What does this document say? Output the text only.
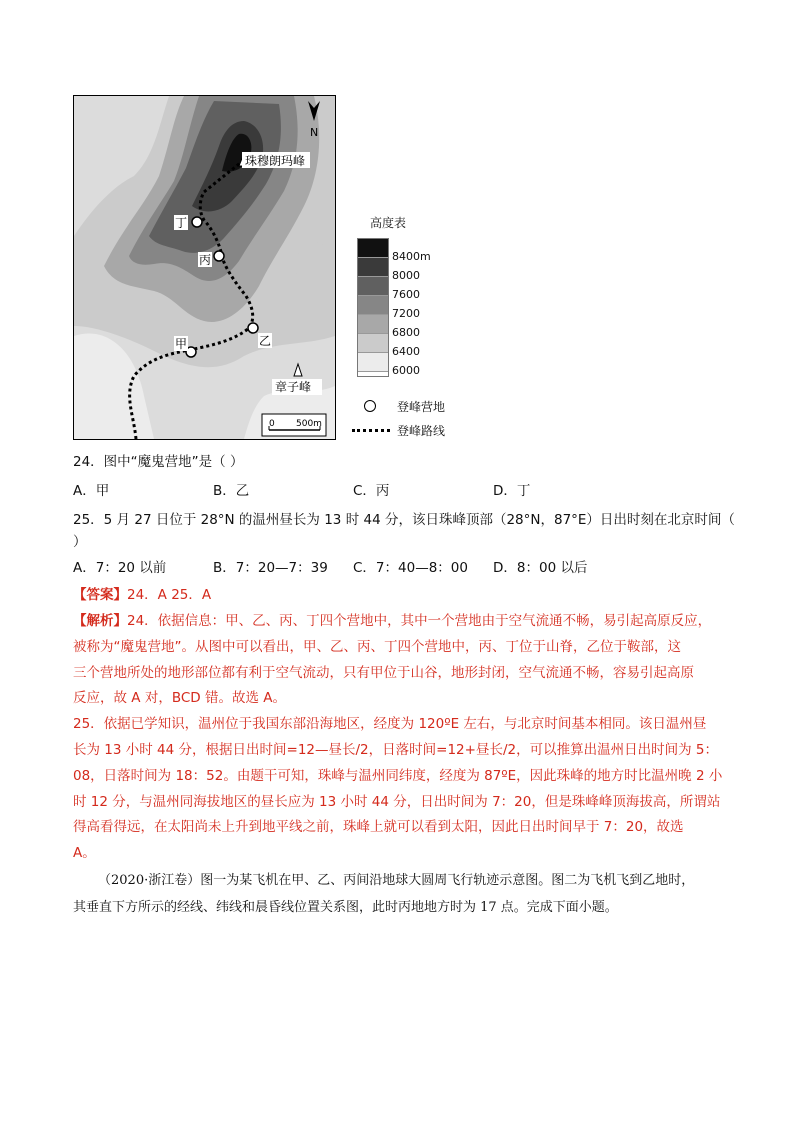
珠穆朗玛峰
章子峰
N
0 500m
丁
丙
乙
甲
高度表
8400m
8000
7600
7200
6800
6400
6000
登峰营地
登峰路线
24．图中“魔鬼营地”是（ ）
A．甲	B．乙	C．丙	D．丁
25．5 月 27 日位于 28°N 的温州昼长为 13 时 44 分，该日珠峰顶部（28°N，87°E）日出时刻在北京时间（
）
A．7：20 以前	B．7：20—7：39 C．7：40—8：00 D．8：00 以后
【答案】24．A 25．A
【解析】24．依据信息：甲、乙、丙、丁四个营地中，其中一个营地由于空气流通不畅，易引起高原反应，
被称为“魔鬼营地”。从图中可以看出，甲、乙、丙、丁四个营地中，丙、丁位于山脊，乙位于鞍部，这
三个营地所处的地形部位都有利于空气流动，只有甲位于山谷，地形封闭，空气流通不畅，容易引起高原
反应，故 A 对，BCD 错。故选 A。
25．依据已学知识，温州位于我国东部沿海地区，经度为 120ºE 左右，与北京时间基本相同。该日温州昼
长为 13 小时 44 分，根据日出时间=12—昼长/2，日落时间=12+昼长/2，可以推算出温州日出时间为 5：
08，日落时间为 18：52。由题干可知，珠峰与温州同纬度，经度为 87ºE，因此珠峰的地方时比温州晚 2 小
时 12 分，与温州同海拔地区的昼长应为 13 小时 44 分，日出时间为 7：20，但是珠峰峰顶海拔高，所谓站
得高看得远，在太阳尚未上升到地平线之前，珠峰上就可以看到太阳，因此日出时间早于 7：20，故选
A。
（2020·浙江卷）图一为某飞机在甲、乙、丙间沿地球大圆周飞行轨迹示意图。图二为飞机飞到乙地时，
其垂直下方所示的经线、纬线和晨昏线位置关系图，此时丙地地方时为 17 点。完成下面小题。
